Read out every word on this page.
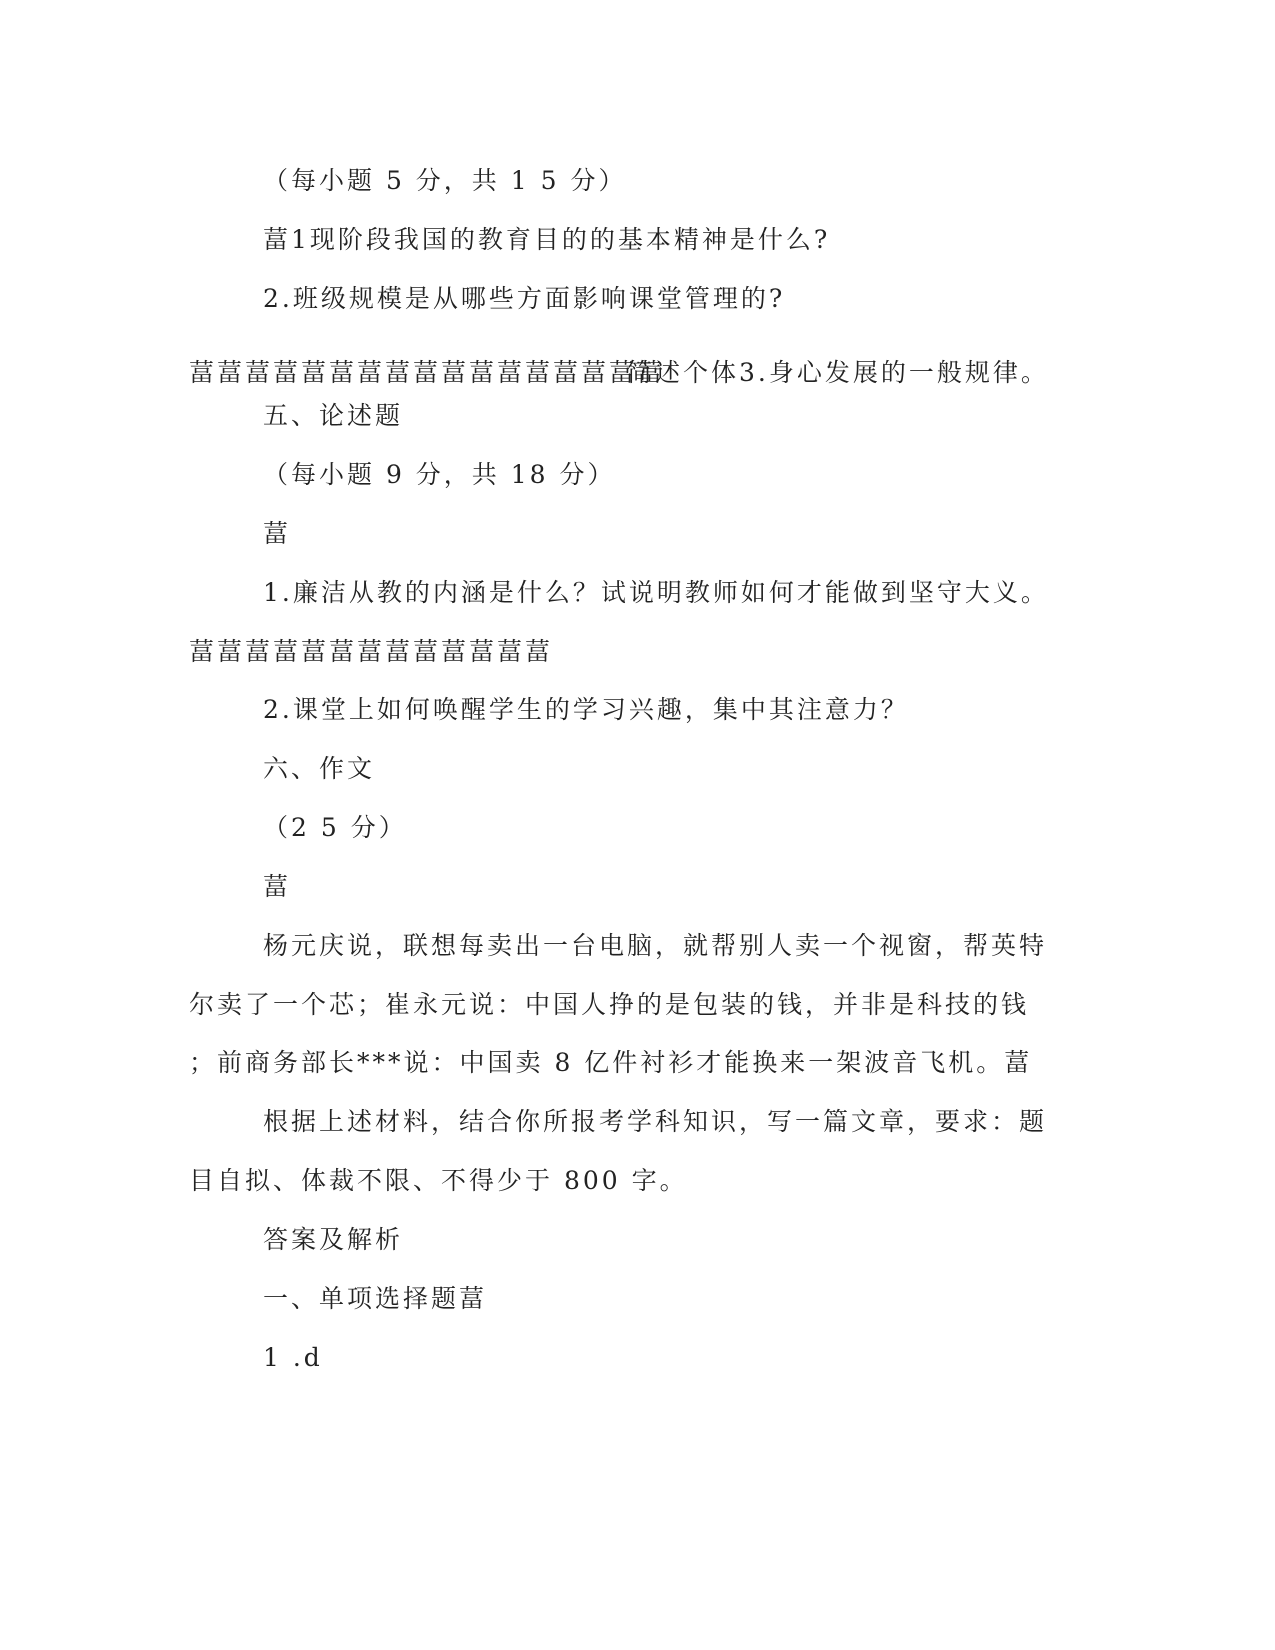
（每小题 5 分，共 1 5 分）

葍1现阶段我国的教育目的的基本精神是什么?

2.班级规模是从哪些方面影响课堂管理的?

葍葍葍葍葍葍葍葍葍葍葍葍葍葍葍葍葍
简述个体3.身心发展的一般规律。

五、论述题

（每小题 9 分，共 18 分）

葍

1.廉洁从教的内涵是什么？试说明教师如何才能做到坚守大义。

葍葍葍葍葍葍葍葍葍葍葍葍葍

2.课堂上如何唤醒学生的学习兴趣，集中其注意力？

六、作文

（2 5 分）

葍

杨元庆说，联想每卖出一台电脑，就帮别人卖一个视窗，帮英特

尔卖了一个芯；崔永元说：中国人挣的是包装的钱，并非是科技的钱

；前商务部长***说：中国卖 8 亿件衬衫才能换来一架波音飞机。葍

根据上述材料，结合你所报考学科知识，写一篇文章，要求：题

目自拟、体裁不限、不得少于 800 字。

答案及解析

一、单项选择题葍

1 .d
